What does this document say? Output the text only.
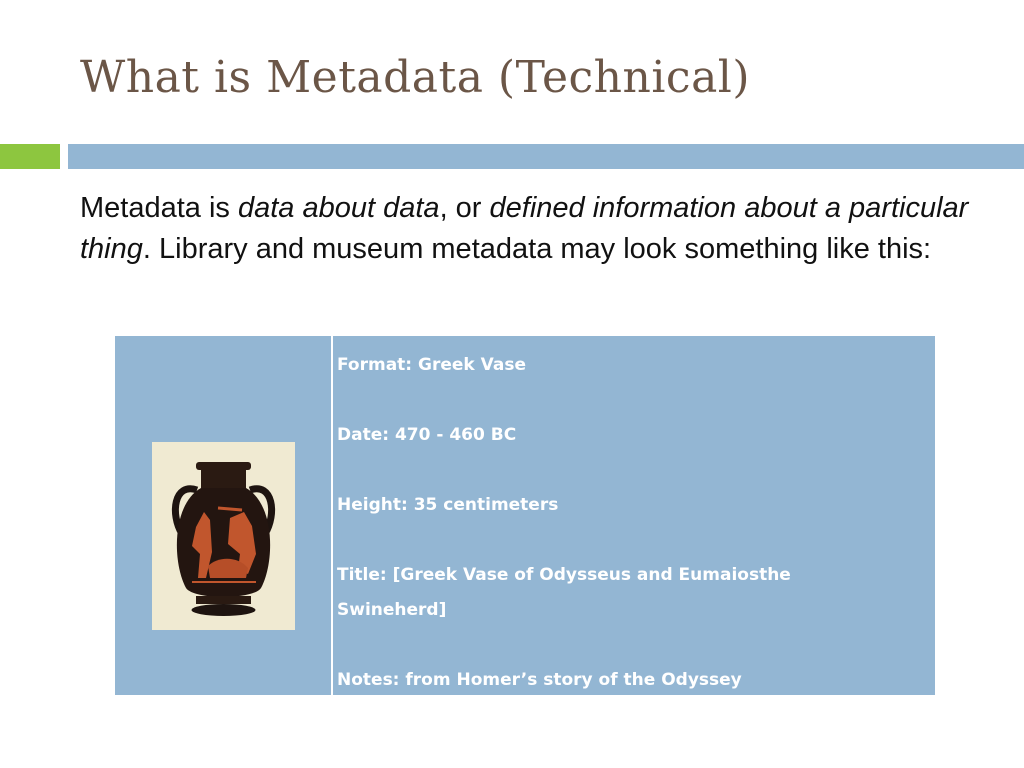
What is Metadata (Technical)
Metadata is data about data, or defined information about a particular thing. Library and museum metadata may look something like this:

Format: Greek Vase

Date: 470 - 460 BC

Height: 35 centimeters

Title: [Greek Vase of Odysseus and Eumaiosthe

Swineherd]

Notes: from Homer’s story of the Odyssey
